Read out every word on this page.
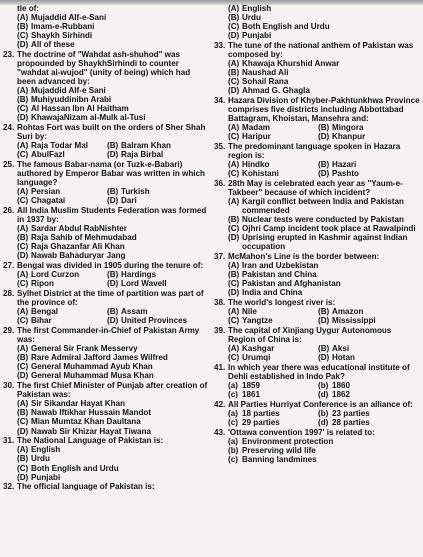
tle of:
(A) Mujaddid Alf-e-Sani
(B) Imam-e-Rubbani
(C) Shaykh Sirhindi
(D) All of these
23. The doctrine of "Wahdat ash-shuhod" was propounded by ShaykhSirhindi to counter "wahdat al-wujod" (unity of being) which had been advanced by:
(A) Mujaddid Alf-e Sani
(B) Muhiyuddinibn Arabi
(C) Al Hassan Ibn Al Haitham
(D) KhawajaNizam al-Mulk al-Tusi
24. Rohtas Fort was built on the orders of Sher Shah Suri by:
(A) Raja Todar Mal (B) Balram Khan
(C) AbulFazl	(D) Raja Birbal
25. The famous Babar-nama (or Tuzk-e-Babari) authored by Emperor Babar was written in which language?
(A) Persian	(B) Turkish
(C) Chagatai	(D) Dari
26. All India Muslim Students Federation was formed in 1937 by:
(A) Sardar Abdul RabNishter
(B) Raja Sahib of Mehmudabad
(C) Raja Ghazanfar Ali Khan
(D) Nawab Bahaduryar Jang
27. Bengal was divided in 1905 during the tenure of:
(A) Lord Curzon	(B) Hardings
(C) Ripon	(D) Lord Wavell
28. Sylhet District at the time of partition was part of the province of:
(A) Bengal	(B) Assam
(C) Bihar	(D) United Provinces
29. The first Commander-in-Chief of Pakistan Army was:
(A) General Sir Frank Messervy
(B) Rare Admiral Jafford James Wilfred
(C) General Muhammad Ayub Khan
(D) General Muhammad Musa Khan
30. The first Chief Minister of Punjab after creation of Pakistan was:
(A) Sir Sikandar Hayat Khan
(B) Nawab Iftikhar Hussain Mandot
(C) Mian Mumtaz Khan Daultana
(D) Nawab Sir Khizar Hayat Tiwana
31. The National Language of Pakistan is:
(A) English
(B) Urdu
(C) Both English and Urdu
(D) Punjabi
32. The official language of Pakistan is:
(A) English
(B) Urdu
(C) Both English and Urdu
(D) Punjabi
33. The tune of the national anthem of Pakistan was composed by:
(A) Khawaja Khurshid Anwar
(B) Naushad Ali
(C) Sohail Rana
(D) Ahmad G. Ghagla
34. Hazara Division of Khyber-Pakhtunkhwa Province comprises five districts including Abbottabad Battagram, Khoistan, Mansehra and:
(A) Madam	(B) Mingora
(C) Haripur	(D) Khanpur
35. The predominant language spoken in Hazara region is:
(A) Hindko	(B) Hazari
(C) Kohistani	(D) Pashto
36. 28th May is celebrated each year as "Yaum-e-Takbeer" because of which incident?
(A) Kargil conflict between India and Pakistan commended
(B) Nuclear tests were conducted by Pakistan
(C) Ojhri Camp incident took place at Rawalpindi
(D) Uprising erupted in Kashmir against Indian occupation
37. McMahon's Line is the border between:
(A) Iran and Uzbekistan
(B) Pakistan and China
(C) Pakistan and Afghanistan
(D) India and China
38. The world's longest river is:
(A) Nile	(B) Amazon
(C) Yangtze	(D) Mississippi
39. The capital of Xinjiang Uygur Autonomous Region of China is:
(A) Kashgar	(B) Aksi
(C) Urumqi	(D) Hotan
41. In which year there was educational institute of Dehli established in Indo Pak?
(a) 1859	(b) 1860
(c) 1861	(d) 1862
42. All Parties Hurriyat Conference is an alliance of:
(a) 18 parties	(b) 23 parties
(c) 29 parties	(d) 28 parties
43. 'Ottawa convention 1997' is related to:
(a) Environment protection
(b) Preserving wild life
(c) Banning landmines
